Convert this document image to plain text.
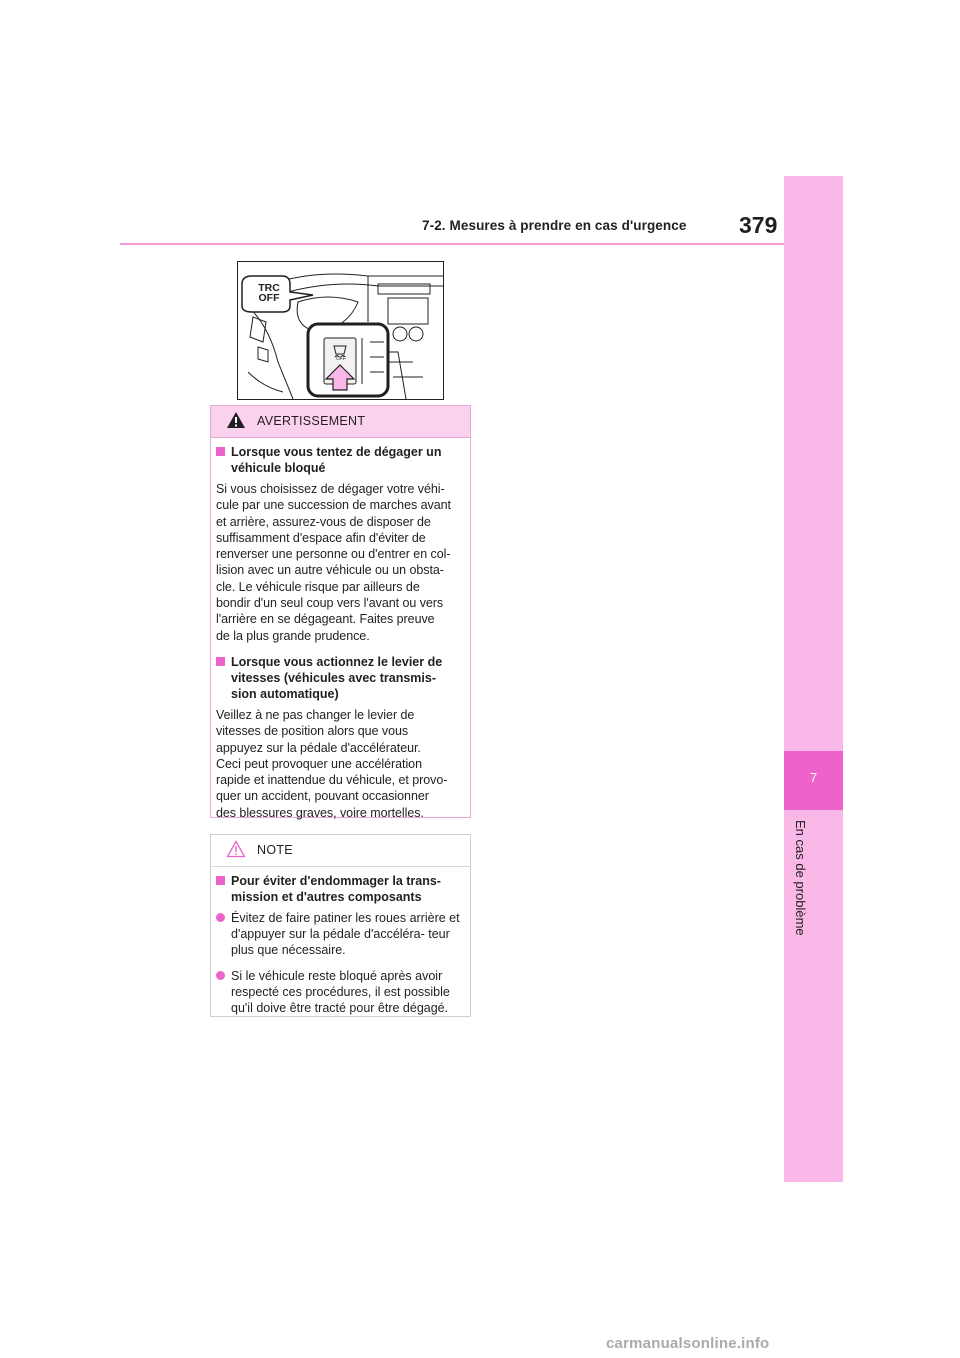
7-2. Mesures à prendre en cas d'urgence 379
7
En cas de problème
TRC
OFF
OFF
AVERTISSEMENT
Lorsque vous tentez de dégager un véhicule bloqué
Si vous choisissez de dégager votre véhi-
cule par une succession de marches avant
et arrière, assurez-vous de disposer de
suffisamment d'espace afin d'éviter de
renverser une personne ou d'entrer en col-
lision avec un autre véhicule ou un obsta-
cle. Le véhicule risque par ailleurs de
bondir d'un seul coup vers l'avant ou vers
l'arrière en se dégageant. Faites preuve
de la plus grande prudence.
Lorsque vous actionnez le levier de vitesses (véhicules avec transmis- sion automatique)
Veillez à ne pas changer le levier de
vitesses de position alors que vous
appuyez sur la pédale d'accélérateur.
Ceci peut provoquer une accélération
rapide et inattendue du véhicule, et provo-
quer un accident, pouvant occasionner
des blessures graves, voire mortelles.
NOTE
Pour éviter d'endommager la trans- mission et d'autres composants
Évitez de faire patiner les roues arrière et d'appuyer sur la pédale d'accéléra- teur plus que nécessaire.
Si le véhicule reste bloqué après avoir respecté ces procédures, il est possible qu'il doive être tracté pour être dégagé.
carmanualsonline.info
